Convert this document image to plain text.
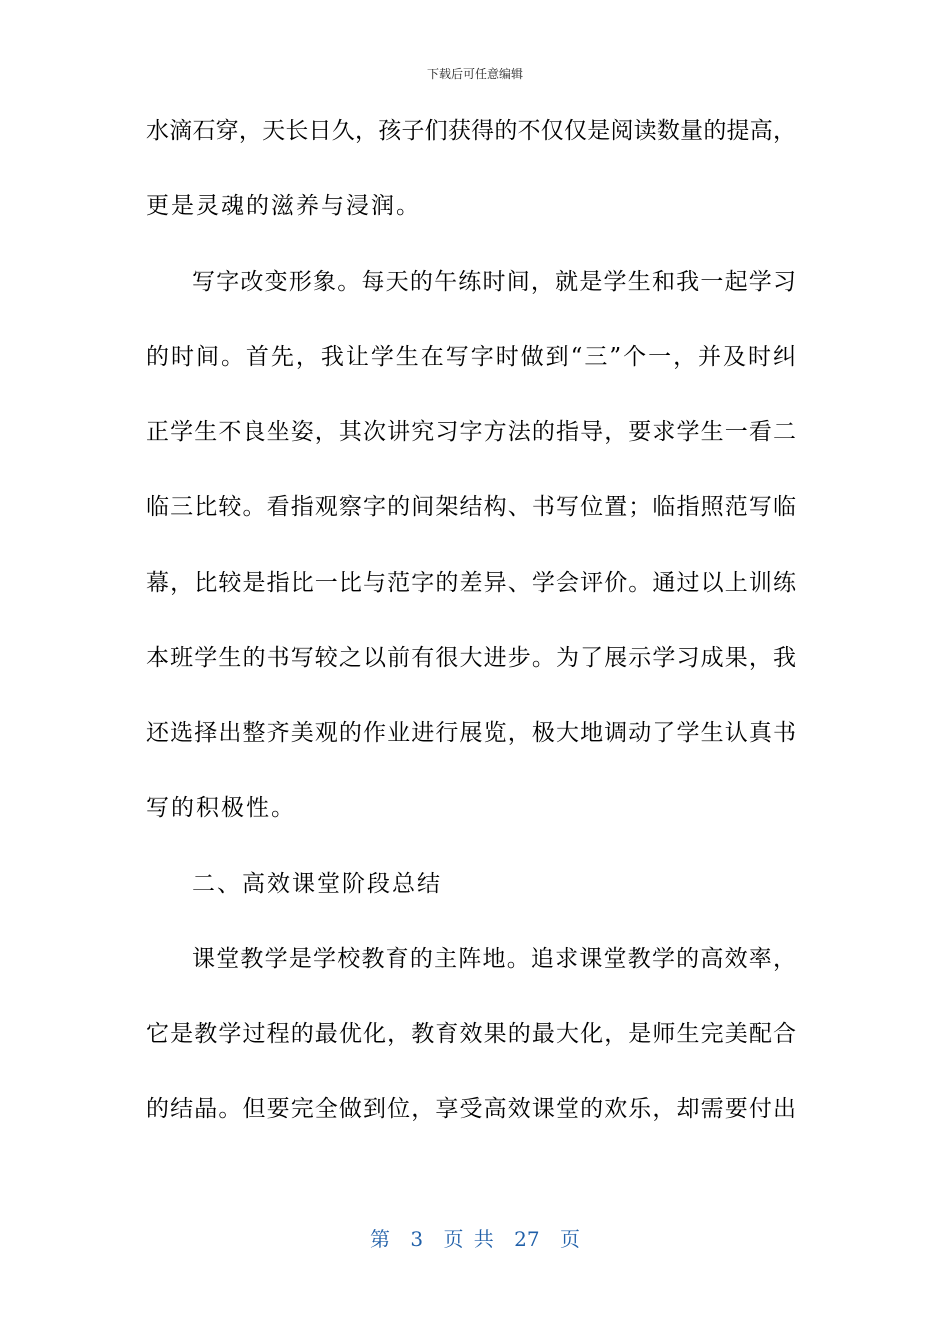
下载后可任意编辑
水滴石穿，天长日久，孩子们获得的不仅仅是阅读数量的提高，
更是灵魂的滋养与浸润。
写字改变形象。每天的午练时间，就是学生和我一起学习
的时间。首先，我让学生在写字时做到“三”个一，并及时纠
正学生不良坐姿，其次讲究习字方法的指导，要求学生一看二
临三比较。看指观察字的间架结构、书写位置；临指照范写临
幕，比较是指比一比与范字的差异、学会评价。通过以上训练
本班学生的书写较之以前有很大进步。为了展示学习成果，我
还选择出整齐美观的作业进行展览，极大地调动了学生认真书
写的积极性。
二、高效课堂阶段总结
课堂教学是学校教育的主阵地。追求课堂教学的高效率，
它是教学过程的最优化，教育效果的最大化，是师生完美配合
的结晶。但要完全做到位，享受高效课堂的欢乐，却需要付出
第 3 页 共 27 页
